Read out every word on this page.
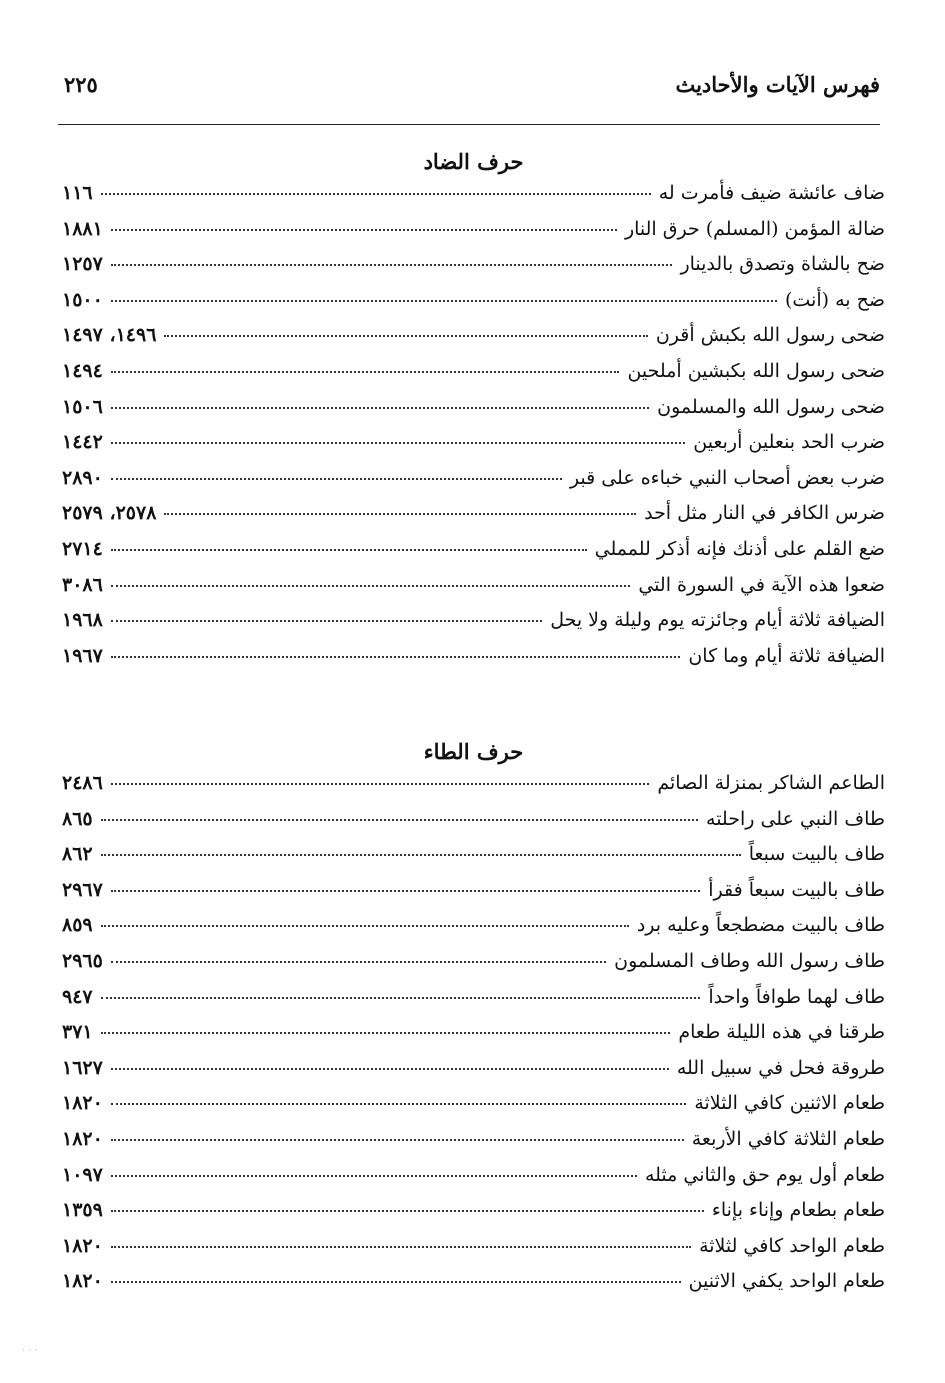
فهرس الآيات والأحاديث
٢٢٥
حرف الضاد
ضاف عائشة ضيف فأمرت له
١١٦
ضالة المؤمن (المسلم) حرق النار
١٨٨١
ضح بالشاة وتصدق بالدينار
١٢٥٧
ضح به (أنت)
١٥٠٠
ضحى رسول الله بكبش أقرن
١٤٩٦، ١٤٩٧
ضحى رسول الله بكبشين أملحين
١٤٩٤
ضحى رسول الله والمسلمون
١٥٠٦
ضرب الحد بنعلين أربعين
١٤٤٢
ضرب بعض أصحاب النبي خباءه على قبر
٢٨٩٠
ضرس الكافر في النار مثل أحد
٢٥٧٨، ٢٥٧٩
ضع القلم على أذنك فإنه أذكر للمملي
٢٧١٤
ضعوا هذه الآية في السورة التي
٣٠٨٦
الضيافة ثلاثة أيام وجائزته يوم وليلة ولا يحل
١٩٦٨
الضيافة ثلاثة أيام وما كان
١٩٦٧
حرف الطاء
الطاعم الشاكر بمنزلة الصائم
٢٤٨٦
طاف النبي على راحلته
٨٦٥
طاف بالبيت سبعاً
٨٦٢
طاف بالبيت سبعاً فقرأ
٢٩٦٧
طاف بالبيت مضطجعاً وعليه برد
٨٥٩
طاف رسول الله وطاف المسلمون
٢٩٦٥
طاف لهما طوافاً واحداً
٩٤٧
طرقنا في هذه الليلة طعام
٣٧١
طروقة فحل في سبيل الله
١٦٢٧
طعام الاثنين كافي الثلاثة
١٨٢٠
طعام الثلاثة كافي الأربعة
١٨٢٠
طعام أول يوم حق والثاني مثله
١٠٩٧
طعام بطعام وإناء بإناء
١٣٥٩
طعام الواحد كافي لثلاثة
١٨٢٠
طعام الواحد يكفي الاثنين
١٨٢٠
· · ·
